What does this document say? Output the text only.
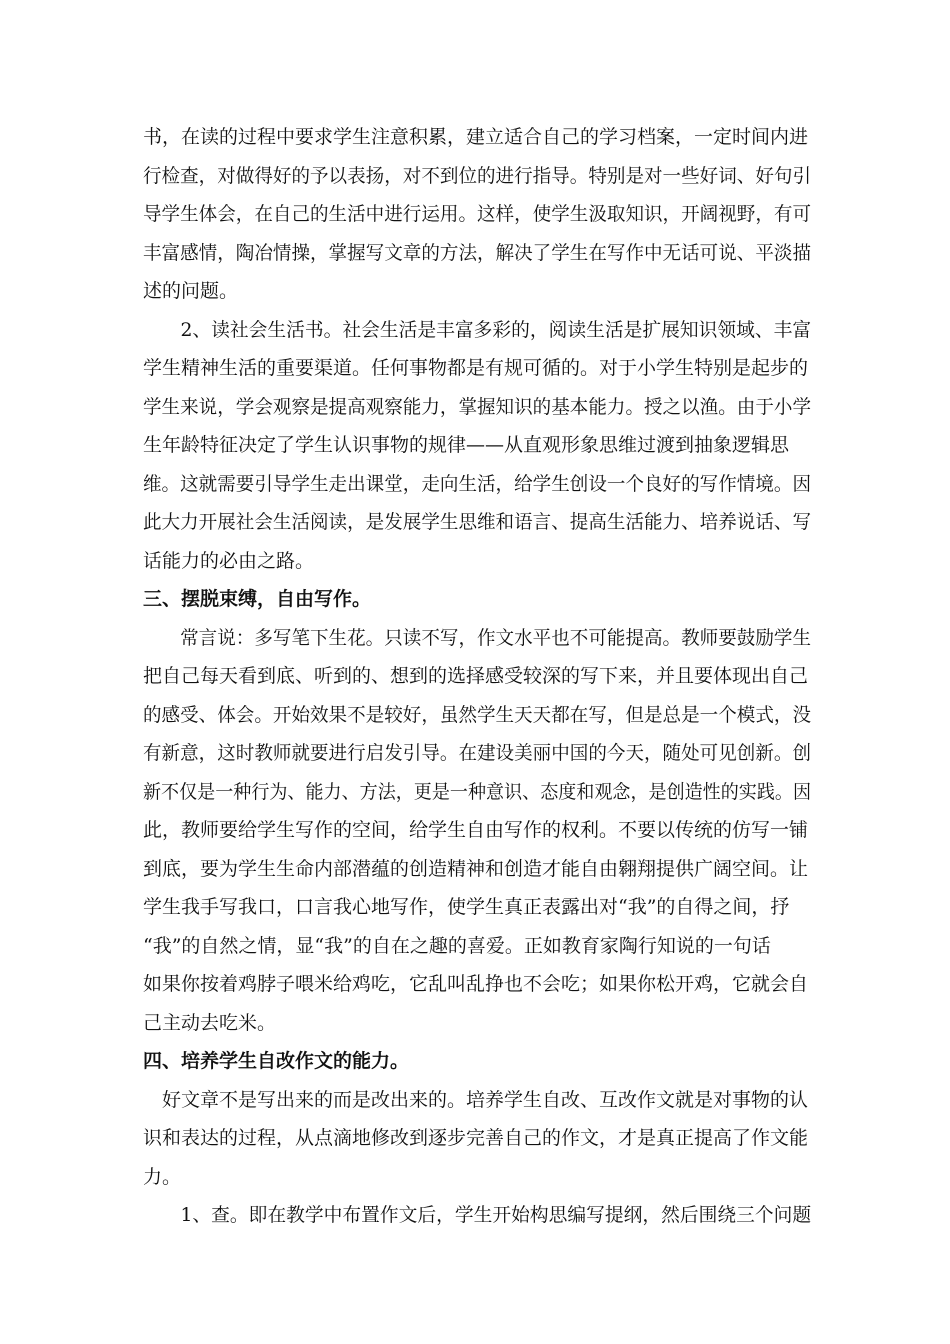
书，在读的过程中要求学生注意积累，建立适合自己的学习档案，一定时间内进
行检查，对做得好的予以表扬，对不到位的进行指导。特别是对一些好词、好句引
导学生体会，在自己的生活中进行运用。这样，使学生汲取知识，开阔视野，有可
丰富感情，陶冶情操，掌握写文章的方法，解决了学生在写作中无话可说、平淡描
述的问题。
　　2、读社会生活书。社会生活是丰富多彩的，阅读生活是扩展知识领域、丰富
学生精神生活的重要渠道。任何事物都是有规可循的。对于小学生特别是起步的
学生来说，学会观察是提高观察能力，掌握知识的基本能力。授之以渔。由于小学
生年龄特征决定了学生认识事物的规律——从直观形象思维过渡到抽象逻辑思
维。这就需要引导学生走出课堂，走向生活，给学生创设一个良好的写作情境。因
此大力开展社会生活阅读，是发展学生思维和语言、提高生活能力、培养说话、写
话能力的必由之路。
三、摆脱束缚，自由写作。
　　常言说：多写笔下生花。只读不写，作文水平也不可能提高。教师要鼓励学生
把自己每天看到底、听到的、想到的选择感受较深的写下来，并且要体现出自己
的感受、体会。开始效果不是较好，虽然学生天天都在写，但是总是一个模式，没
有新意，这时教师就要进行启发引导。在建设美丽中国的今天，随处可见创新。创
新不仅是一种行为、能力、方法，更是一种意识、态度和观念，是创造性的实践。因
此，教师要给学生写作的空间，给学生自由写作的权利。不要以传统的仿写一铺
到底，要为学生生命内部潜蕴的创造精神和创造才能自由翱翔提供广阔空间。让
学生我手写我口，口言我心地写作，使学生真正表露出对“我”的自得之间，抒
“我”的自然之情，显“我”的自在之趣的喜爱。正如教育家陶行知说的一句话
如果你按着鸡脖子喂米给鸡吃，它乱叫乱挣也不会吃；如果你松开鸡，它就会自
己主动去吃米。
四、培养学生自改作文的能力。
　好文章不是写出来的而是改出来的。培养学生自改、互改作文就是对事物的认
识和表达的过程，从点滴地修改到逐步完善自己的作文，才是真正提高了作文能
力。
　　1、查。即在教学中布置作文后，学生开始构思编写提纲，然后围绕三个问题
